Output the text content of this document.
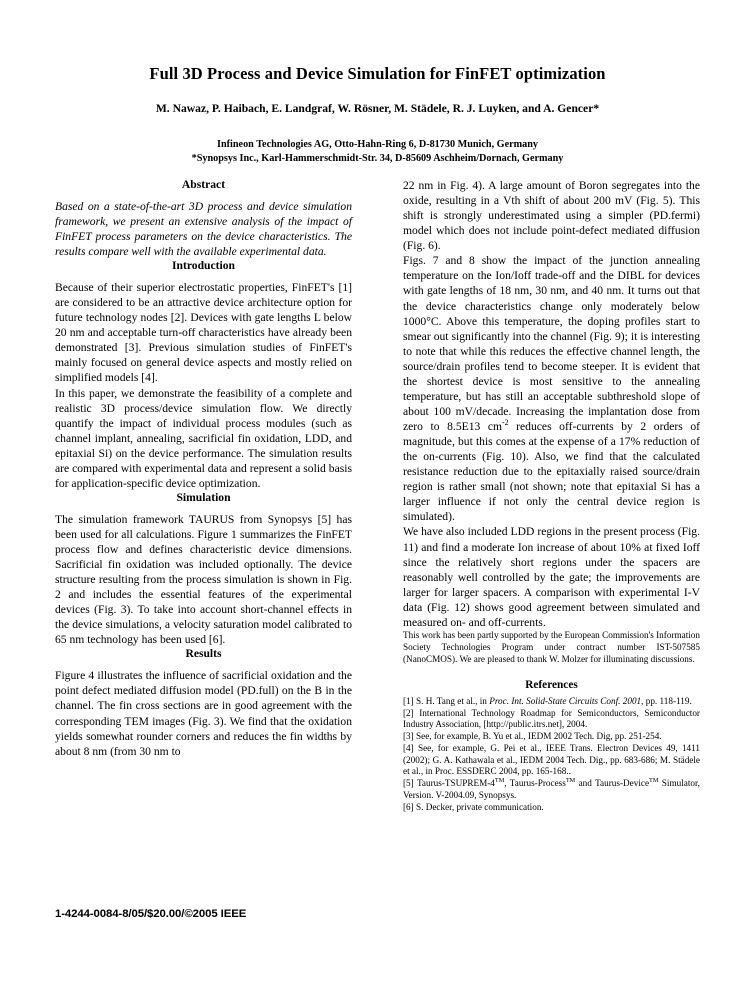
Full 3D Process and Device Simulation for FinFET optimization
M. Nawaz, P. Haibach, E. Landgraf, W. Rösner, M. Städele, R. J. Luyken, and A. Gencer*
Infineon Technologies AG, Otto-Hahn-Ring 6, D-81730 Munich, Germany
*Synopsys Inc., Karl-Hammerschmidt-Str. 34, D-85609 Aschheim/Dornach, Germany
Abstract

Based on a state-of-the-art 3D process and device simulation framework, we present an extensive analysis of the impact of FinFET process parameters on the device characteristics. The results compare well with the available experimental data.

Introduction

Because of their superior electrostatic properties, FinFET's [1] are considered to be an attractive device architecture option for future technology nodes [2]. Devices with gate lengths L below 20 nm and acceptable turn-off characteristics have already been demonstrated [3]. Previous simulation studies of FinFET's mainly focused on general device aspects and mostly relied on simplified models [4].

In this paper, we demonstrate the feasibility of a complete and realistic 3D process/device simulation flow. We directly quantify the impact of individual process modules (such as channel implant, annealing, sacrificial fin oxidation, LDD, and epitaxial Si) on the device performance. The simulation results are compared with experimental data and represent a solid basis for application-specific device optimization.

Simulation

The simulation framework TAURUS from Synopsys [5] has been used for all calculations. Figure 1 summarizes the FinFET process flow and defines characteristic device dimensions. Sacrificial fin oxidation was included optionally. The device structure resulting from the process simulation is shown in Fig. 2 and includes the essential features of the experimental devices (Fig. 3). To take into account short-channel effects in the device simulations, a velocity saturation model calibrated to 65 nm technology has been used [6].

Results

Figure 4 illustrates the influence of sacrificial oxidation and the point defect mediated diffusion model (PD.full) on the B in the channel. The fin cross sections are in good agreement with the corresponding TEM images (Fig. 3). We find that the oxidation yields somewhat rounder corners and reduces the fin widths by about 8 nm (from 30 nm to

22 nm in Fig. 4). A large amount of Boron segregates into the oxide, resulting in a Vth shift of about 200 mV (Fig. 5). This shift is strongly underestimated using a simpler (PD.fermi) model which does not include point-defect mediated diffusion (Fig. 6).

Figs. 7 and 8 show the impact of the junction annealing temperature on the Ion/Ioff trade-off and the DIBL for devices with gate lengths of 18 nm, 30 nm, and 40 nm. It turns out that the device characteristics change only moderately below 1000°C. Above this temperature, the doping profiles start to smear out significantly into the channel (Fig. 9); it is interesting to note that while this reduces the effective channel length, the source/drain profiles tend to become steeper. It is evident that the shortest device is most sensitive to the annealing temperature, but has still an acceptable subthreshold slope of about 100 mV/decade. Increasing the implantation dose from zero to 8.5E13 $cm^{-2}$ reduces off-currents by 2 orders of magnitude, but this comes at the expense of a 17% reduction of the on-currents (Fig. 10). Also, we find that the calculated resistance reduction due to the epitaxially raised source/drain region is rather small (not shown; note that epitaxial Si has a larger influence if not only the central device region is simulated).

We have also included LDD regions in the present process (Fig. 11) and find a moderate Ion increase of about 10% at fixed Ioff since the relatively short regions under the spacers are reasonably well controlled by the gate; the improvements are larger for larger spacers. A comparison with experimental I-V data (Fig. 12) shows good agreement between simulated and measured on- and off-currents.

This work has been partly supported by the European Commission's Information Society Technologies Program under contract number IST-507585 (NanoCMOS). We are pleased to thank W. Molzer for illuminating discussions.

References

[1] S. H. Tang et al., in Proc. Int. Solid-State Circuits Conf. 2001, pp. 118-119.

[2] International Technology Roadmap for Semiconductors, Semiconductor Industry Association, [http://public.itrs.net], 2004.

[3] See, for example, B. Yu et al., IEDM 2002 Tech. Dig, pp. 251-254.

[4] See, for example, G. Pei et al., IEEE Trans. Electron Devices 49, 1411 (2002); G. A. Kathawala et al., IEDM 2004 Tech. Dig., pp. 683-686; M. Städele et al., in Proc. ESSDERC 2004, pp. 165-168..

[5] Taurus-TSUPREM-4™, Taurus-Process™ and Taurus-Device™ Simulator, Version. V-2004.09, Synopsys.

[6] S. Decker, private communication.

1-4244-0084-8/05/$20.00/©2005 IEEE
